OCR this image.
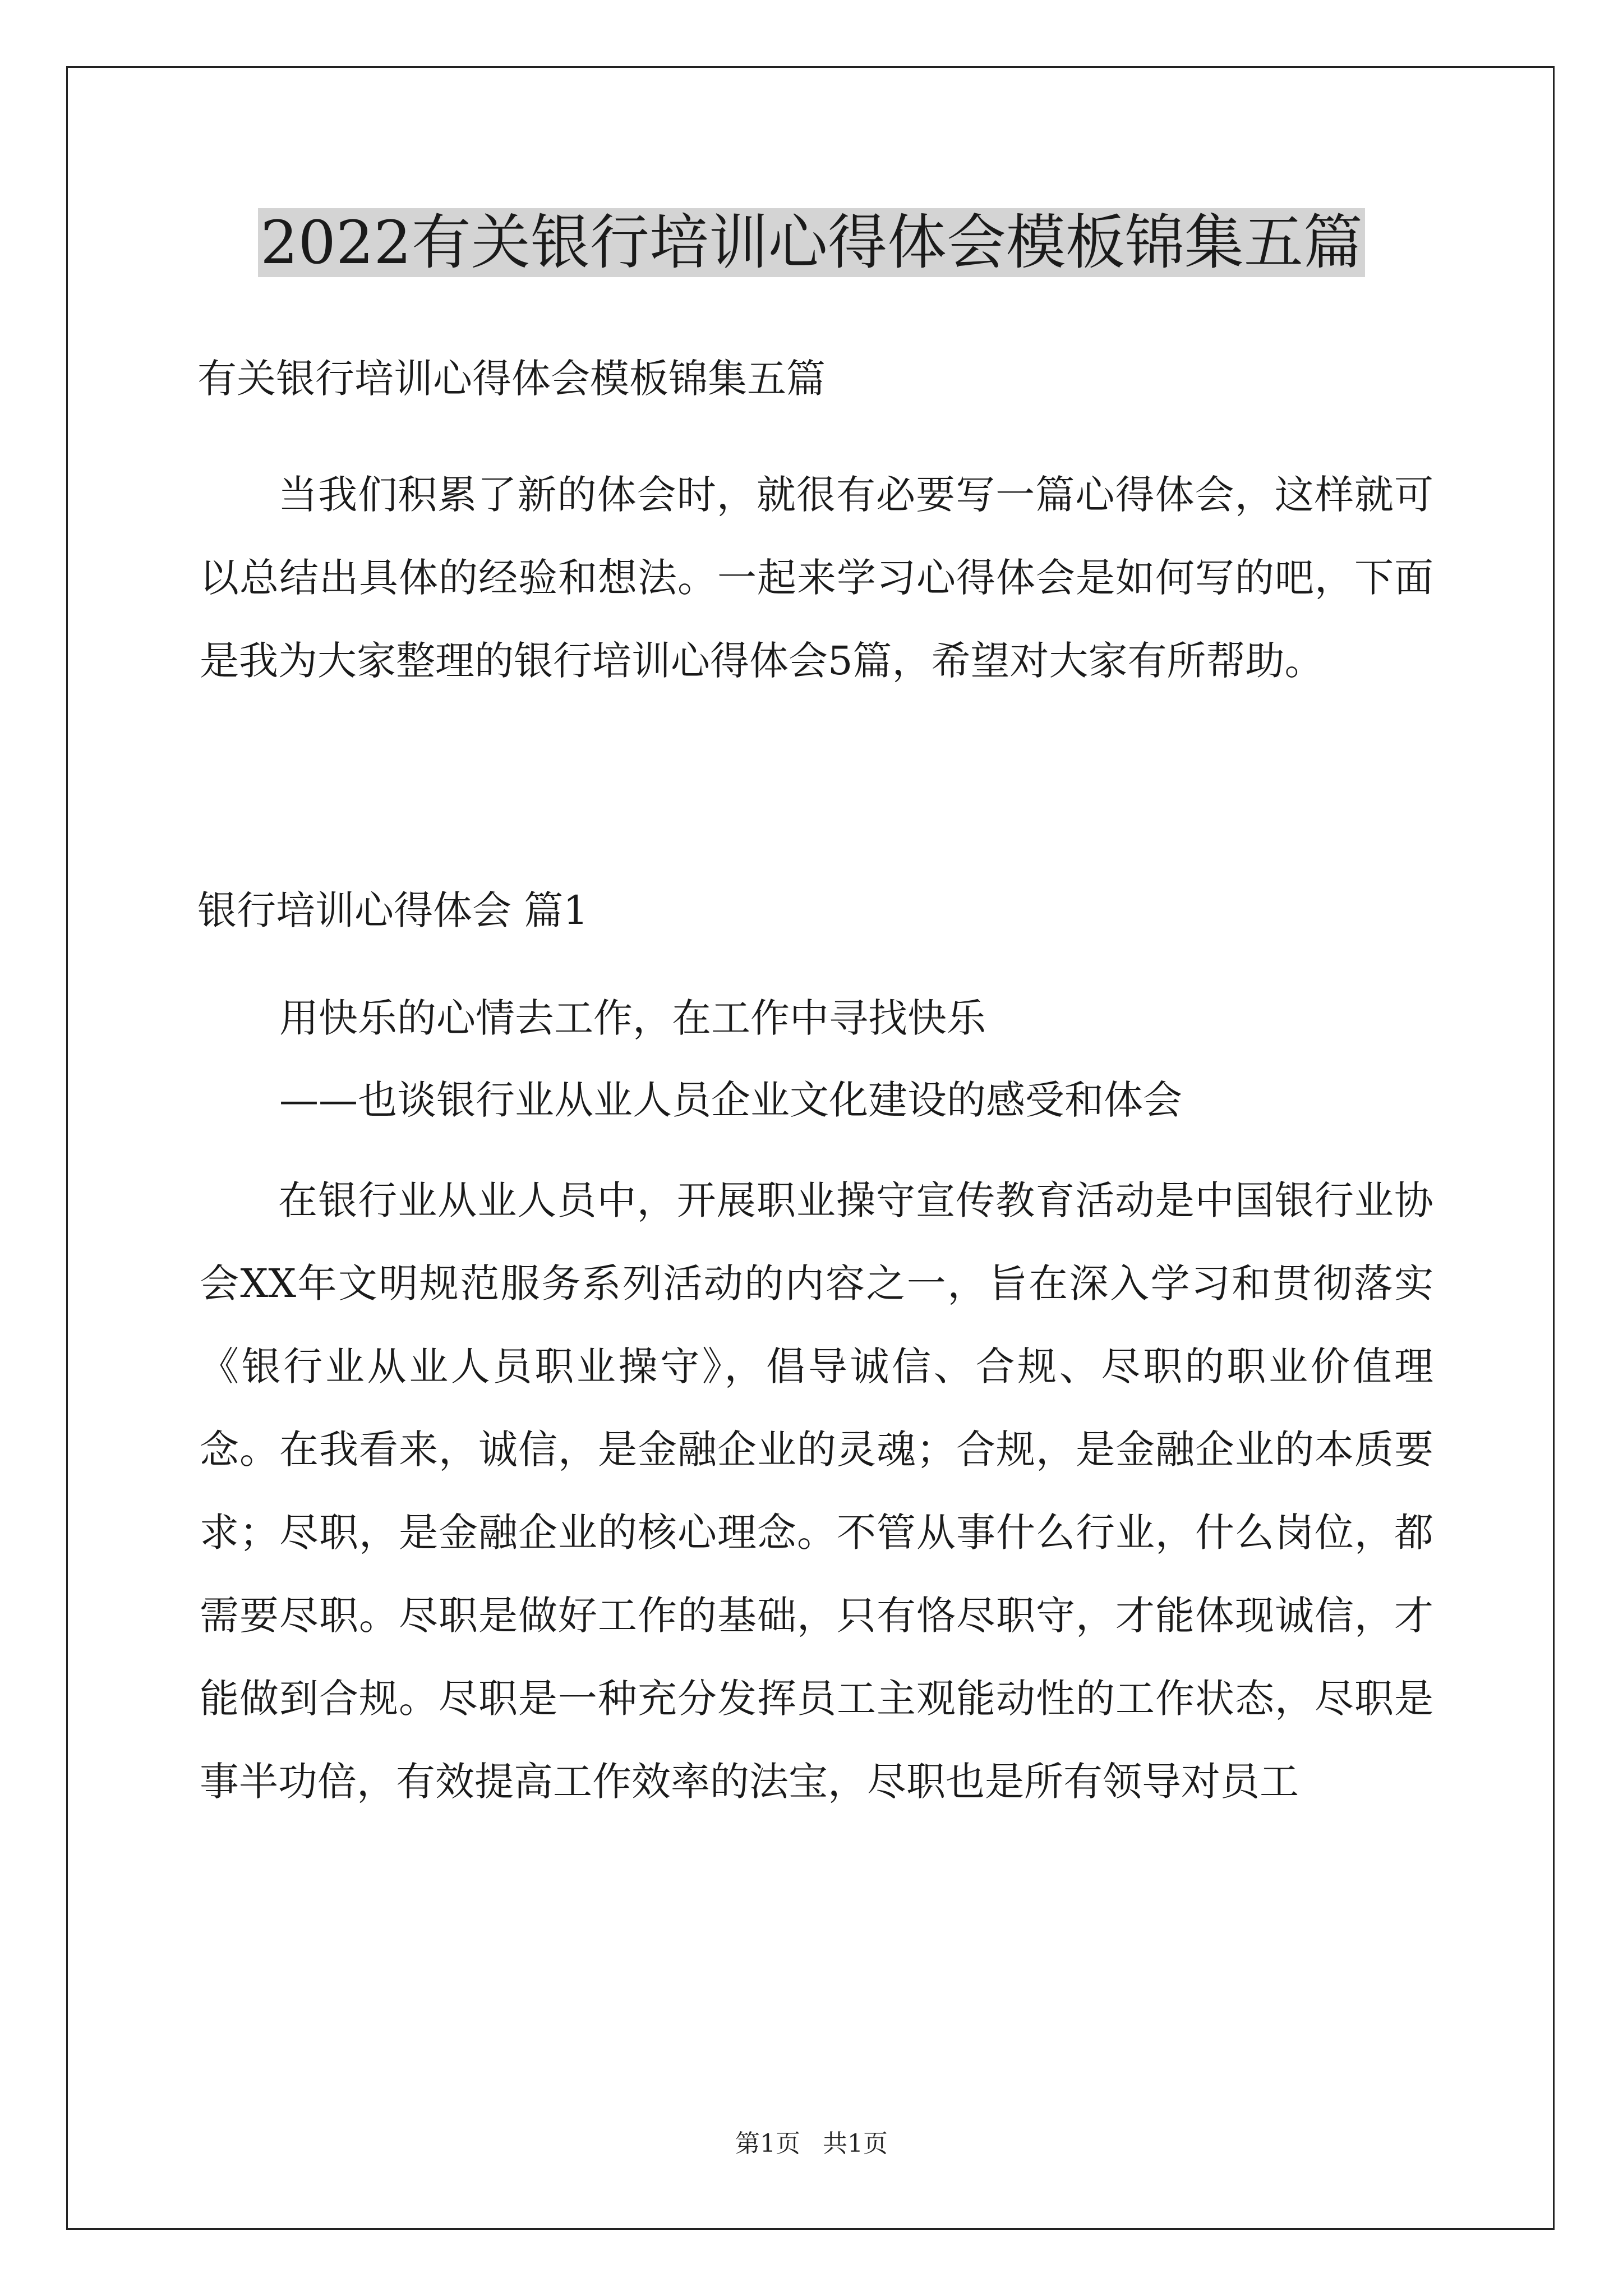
2022有关银行培训心得体会模板锦集五篇
有关银行培训心得体会模板锦集五篇
当我们积累了新的体会时，就很有必要写一篇心得体会，这样就可以总结出具体的经验和想法。一起来学习心得体会是如何写的吧，下面是我为大家整理的银行培训心得体会5篇，希望对大家有所帮助。
银行培训心得体会 篇1
用快乐的心情去工作，在工作中寻找快乐
——也谈银行业从业人员企业文化建设的感受和体会
在银行业从业人员中，开展职业操守宣传教育活动是中国银行业协会XX年文明规范服务系列活动的内容之一，旨在深入学习和贯彻落实《银行业从业人员职业操守》，倡导诚信、合规、尽职的职业价值理念。在我看来，诚信，是金融企业的灵魂；合规，是金融企业的本质要求；尽职，是金融企业的核心理念。不管从事什么行业，什么岗位，都需要尽职。尽职是做好工作的基础，只有恪尽职守，才能体现诚信，才能做到合规。尽职是一种充分发挥员工主观能动性的工作状态，尽职是事半功倍，有效提高工作效率的法宝，尽职也是所有领导对员工
第1页 共1页
